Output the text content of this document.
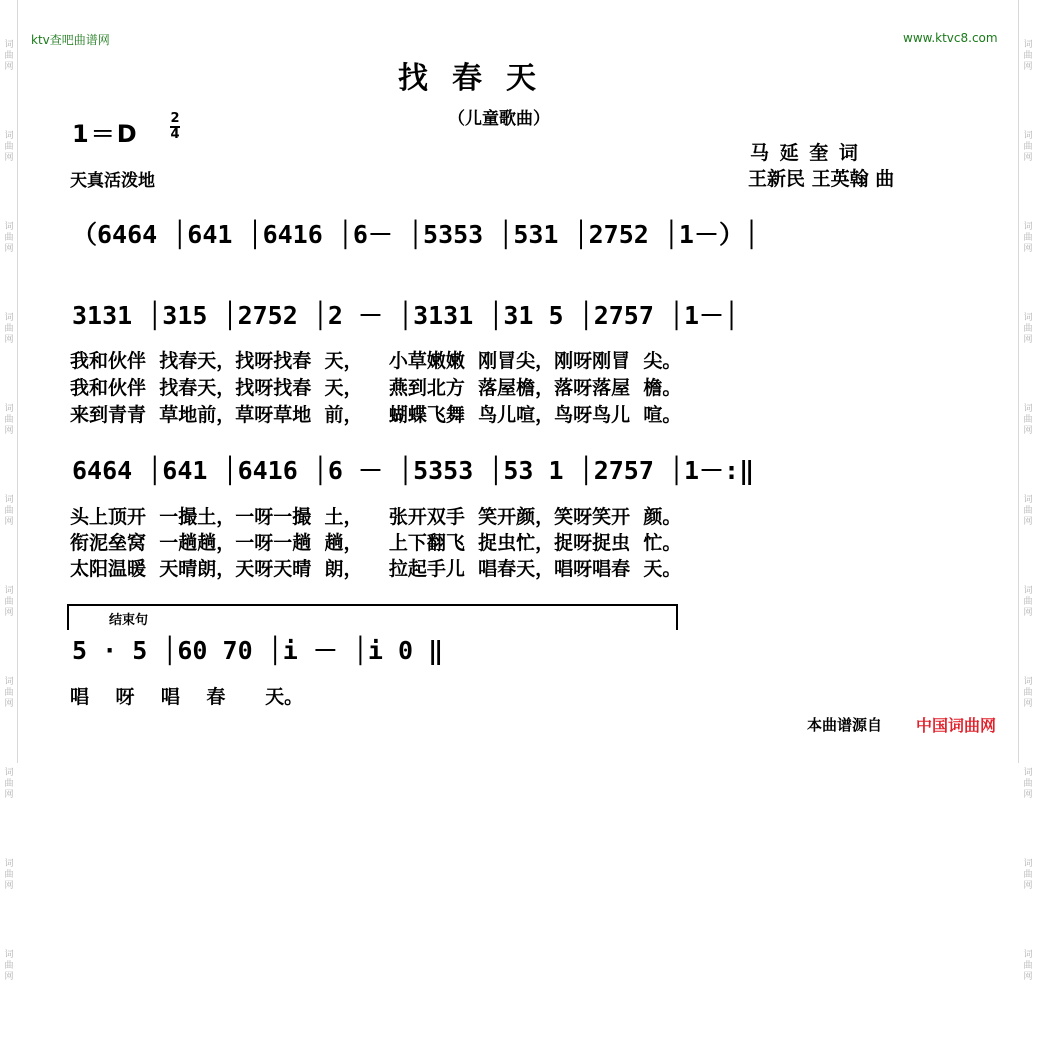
词曲网
词曲网
词曲网
词曲网
词曲网
词曲网
词曲网
词曲网
词曲网
词曲网
词曲网
词曲网
词曲网
词曲网
词曲网
词曲网
词曲网
词曲网
词曲网
词曲网
词曲网
词曲网
ktv查吧曲谱网	www.ktvc8.com
找春天
（儿童歌曲）
1＝D
2
4
天真活泼地
马 延 奎 词
王新民 王英翰 曲
（6464 │641 │6416 │6－ │5353 │531 │2752 │1－）│
3131 │315 │2752 │2 － │3131 │31 5 │2757 │1－│
我和伙伴  找春天，找呀找春  天，    小草嫩嫩  刚冒尖，刚呀刚冒  尖。
我和伙伴  找春天，找呀找春  天，    燕到北方  落屋檐，落呀落屋  檐。
来到青青  草地前，草呀草地  前，    蝴蝶飞舞  鸟儿喧，鸟呀鸟儿  喧。
6464 │641 │6416 │6 － │5353 │53 1 │2757 │1－:‖
头上顶开  一撮土，一呀一撮  土，    张开双手  笑开颜，笑呀笑开  颜。
衔泥垒窝  一趟趟，一呀一趟  趟，    上下翻飞  捉虫忙，捉呀捉虫  忙。
太阳温暖  天晴朗，天呀天晴  朗，    拉起手儿  唱春天，唱呀唱春  天。
结束句
5 · 5 │60 70 │i － │i 0 ‖
唱    呀    唱    春      天。
本曲谱源自 中国词曲网
